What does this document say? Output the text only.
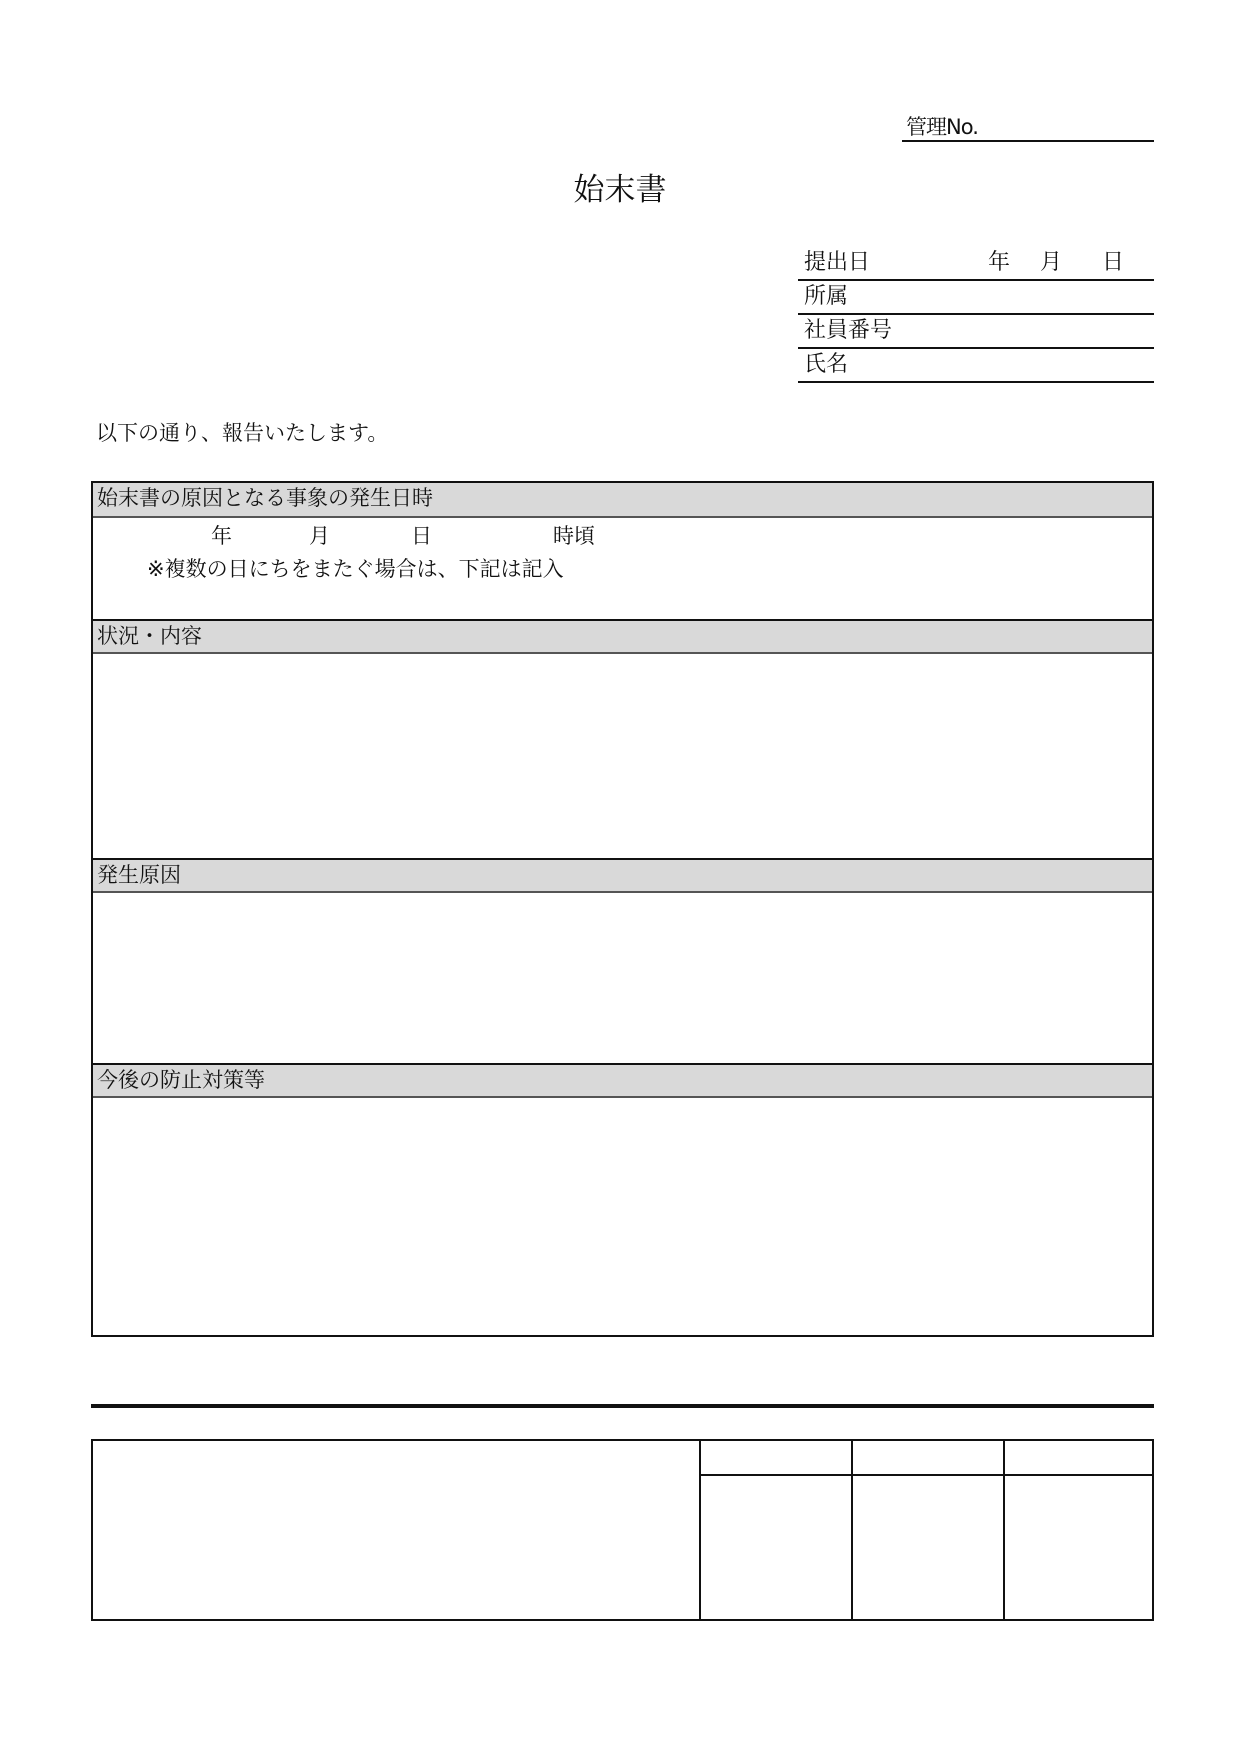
管理No.
始末書
提出日	年 月 日
所属
社員番号
氏名
以下の通り、報告いたします。
始末書の原因となる事象の発生日時
年	月	日	時頃
※複数の日にちをまたぐ場合は、下記は記入
状況・内容
発生原因
今後の防止対策等
